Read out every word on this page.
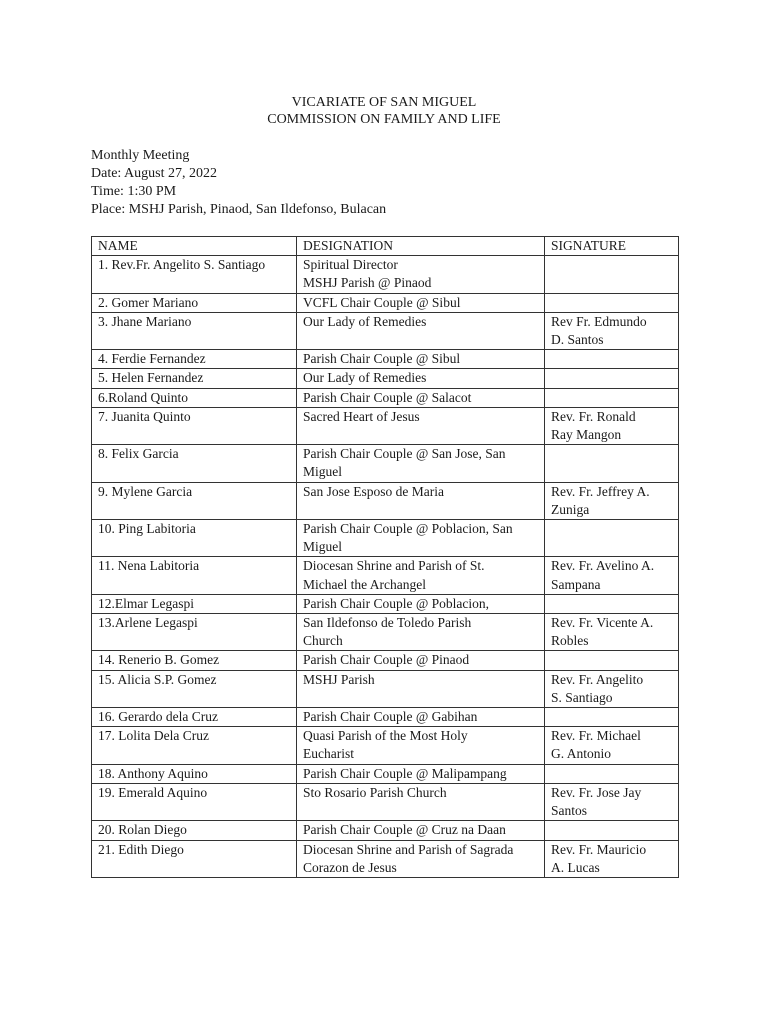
VICARIATE OF SAN MIGUEL
COMMISSION ON FAMILY AND LIFE
Monthly Meeting
Date: August 27, 2022
Time: 1:30 PM
Place: MSHJ Parish, Pinaod, San Ildefonso, Bulacan
NAME	DESIGNATION	SIGNATURE
1. Rev.Fr. Angelito S. Santiago	Spiritual Director
MSHJ Parish @ Pinaod	
2. Gomer Mariano	VCFL Chair Couple @ Sibul	
3. Jhane Mariano	Our Lady of Remedies	Rev Fr. Edmundo
D. Santos
4. Ferdie Fernandez	Parish Chair Couple @ Sibul	
5. Helen Fernandez	Our Lady of Remedies	
6.Roland Quinto	Parish Chair Couple @ Salacot	
7. Juanita Quinto	Sacred Heart of Jesus	Rev. Fr. Ronald
Ray Mangon
8. Felix Garcia	Parish Chair Couple @ San Jose, San
Miguel	
9. Mylene Garcia	San Jose Esposo de Maria	Rev. Fr. Jeffrey A.
Zuniga
10. Ping Labitoria	Parish Chair Couple @ Poblacion, San
Miguel	
11. Nena Labitoria	Diocesan Shrine and Parish of St.
Michael the Archangel	Rev. Fr. Avelino A.
Sampana
12.Elmar Legaspi	Parish Chair Couple @ Poblacion,	
13.Arlene Legaspi	San Ildefonso de Toledo Parish
Church	Rev. Fr. Vicente A.
Robles
14. Renerio B. Gomez	Parish Chair Couple @ Pinaod	
15. Alicia S.P. Gomez	MSHJ Parish	Rev. Fr. Angelito
S. Santiago
16. Gerardo dela Cruz	Parish Chair Couple @ Gabihan	
17. Lolita Dela Cruz	Quasi Parish of the Most Holy
Eucharist	Rev. Fr. Michael
G. Antonio
18. Anthony Aquino	Parish Chair Couple @ Malipampang	
19. Emerald Aquino	Sto Rosario Parish Church	Rev. Fr. Jose Jay
Santos
20. Rolan Diego	Parish Chair Couple @ Cruz na Daan	
21. Edith Diego	Diocesan Shrine and Parish of Sagrada
Corazon de Jesus	Rev. Fr. Mauricio
A. Lucas
